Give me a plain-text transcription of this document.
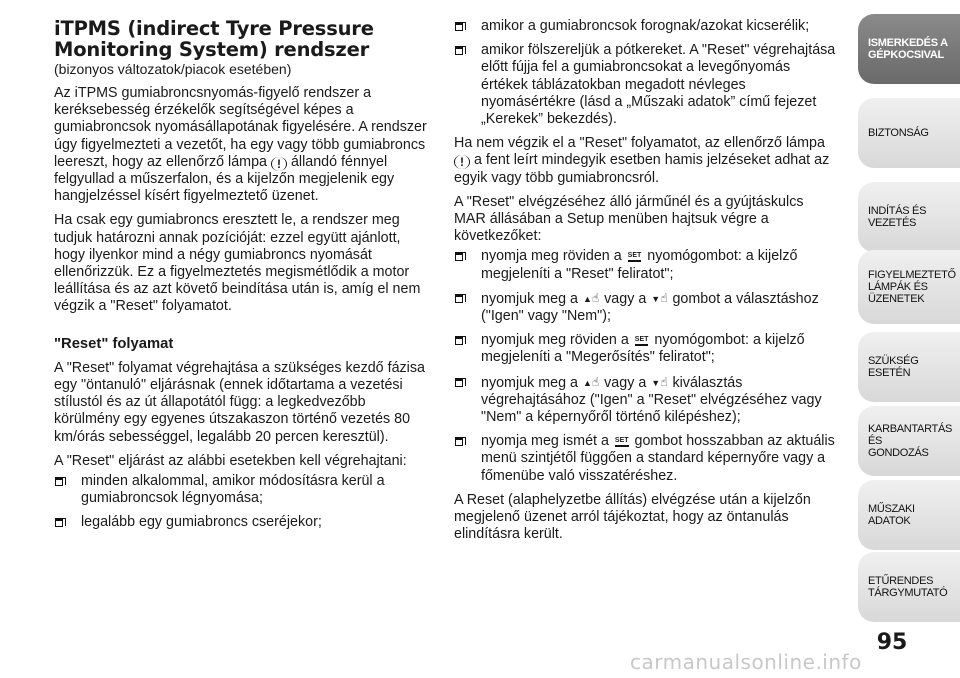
iTPMS (indirect Tyre Pressure Monitoring System) rendszer
(bizonyos változatok/piacok esetében)

Az iTPMS gumiabroncsnyomás-figyelő rendszer a keréksebesség érzékelők segítségével képes a gumiabroncsok nyomásállapotának figyelésére. A rendszer úgy figyelmezteti a vezetőt, ha egy vagy több gumiabroncs leereszt, hogy az ellenőrző lámpa ! állandó fénnyel felgyullad a műszerfalon, és a kijelzőn megjelenik egy hangjelzéssel kísért figyelmeztető üzenet.

Ha csak egy gumiabroncs eresztett le, a rendszer meg tudjuk határozni annak pozícióját: ezzel együtt ajánlott, hogy ilyenkor mind a négy gumiabroncs nyomását ellenőrizzük. Ez a figyelmeztetés megismétlődik a motor leállítása és az azt követő beindítása után is, amíg el nem végzik a "Reset" folyamatot.

"Reset" folyamat

A "Reset" folyamat végrehajtása a szükséges kezdő fázisa egy "öntanuló" eljárásnak (ennek időtartama a vezetési stílustól és az út állapotától függ: a legkedvezőbb körülmény egy egyenes útszakaszon történő vezetés 80 km/órás sebességgel, legalább 20 percen keresztül).

A "Reset" eljárást az alábbi esetekben kell végrehajtani:

minden alkalommal, amikor módosításra kerül a gumiabroncsok légnyomása;
legalább egy gumiabroncs cseréjekor;
amikor a gumiabroncsok forognak/azokat kicserélik;
amikor fölszereljük a pótkereket. A "Reset" végrehajtása előtt fújja fel a gumiabroncsokat a levegőnyomás értékek táblázatokban megadott névleges nyomásértékre (lásd a „Műszaki adatok” című fejezet „Kerekek” bekezdés).

Ha nem végzik el a "Reset" folyamatot, az ellenőrző lámpa ! a fent leírt mindegyik esetben hamis jelzéseket adhat az egyik vagy több gumiabroncsról.

A "Reset" elvégzéséhez álló járműnél és a gyújtáskulcs MAR állásában a Setup menüben hajtsuk végre a következőket:

nyomja meg röviden a SET nyomógombot: a kijelző megjeleníti a "Reset" feliratot";
nyomjuk meg a ▲☝ vagy a ▼☝ gombot a választáshoz ("Igen" vagy "Nem");
nyomjuk meg röviden a SET nyomógombot: a kijelző megjeleníti a "Megerősítés" feliratot";
nyomjuk meg a ▲☝ vagy a ▼☝ kiválasztás végrehajtásához ("Igen" a "Reset" elvégzéséhez vagy "Nem" a képernyőről történő kilépéshez);
nyomja meg ismét a SET gombot hosszabban az aktuális menü szintjétől függően a standard képernyőre vagy a főmenübe való visszatéréshez.

A Reset (alaphelyzetbe állítás) elvégzése után a kijelzőn megjelenő üzenet arról tájékoztat, hogy az öntanulás elindításra került.

ISMERKEDÉS A
GÉPKOCSIVAL
BIZTONSÁG
INDÍTÁS ÉS VEZETÉS
FIGYELMEZTETŐ
LÁMPÁK ÉS
ÜZENETEK
SZÜKSÉG ESETÉN
KARBANTARTÁS ÉS
GONDOZÁS
MŰSZAKI ADATOK
ETŰRENDES
TÁRGYMUTATÓ
95
carmanualsonline.info
